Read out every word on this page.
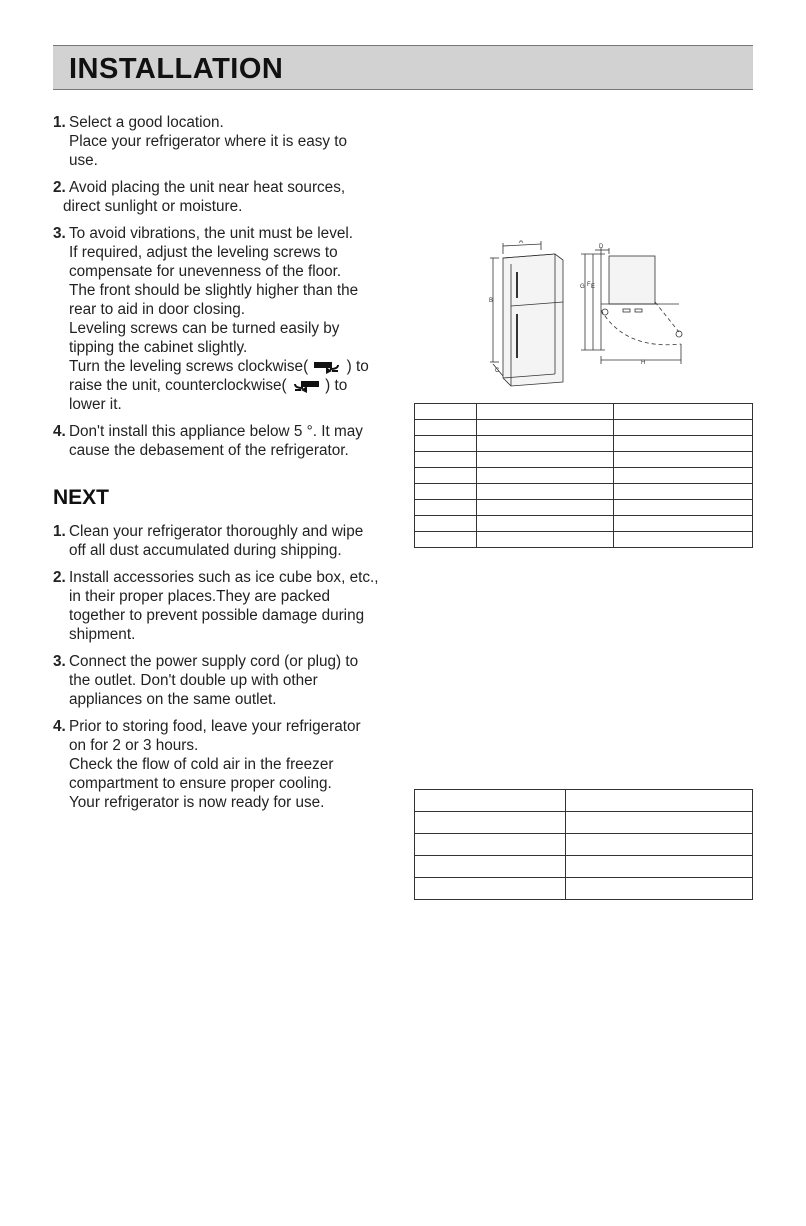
INSTALLATION
1. Select a good location.
Place your refrigerator where it is easy to
use.
2. Avoid placing the unit near heat sources,
direct sunlight or moisture.
3. To avoid vibrations, the unit must be level.
If required, adjust the leveling screws to
compensate for unevenness of the floor.
The front should be slightly higher than the
rear to aid in door closing.
Leveling screws can be turned easily by
tipping the cabinet slightly.
Turn the leveling screws clockwise(	) to
raise the unit, counterclockwise(	) to
lower it.
4. Don't install this appliance below 5 °. It may
cause the debasement of the refrigerator.
NEXT
1. Clean your refrigerator thoroughly and wipe
off all dust accumulated during shipping.
2. Install accessories such as ice cube box, etc.,
in their proper places.They are packed
together to prevent possible damage during
shipment.
3. Connect the power supply cord (or plug) to
the outlet. Don't double up with other
appliances on the same outlet.
4. Prior to storing food, leave your refrigerator
on for 2 or 3 hours.
Check the flow of cold air in the freezer
compartment to ensure proper cooling.
Your refrigerator is now ready for use.
A
B
C
D
E
F
G
H
